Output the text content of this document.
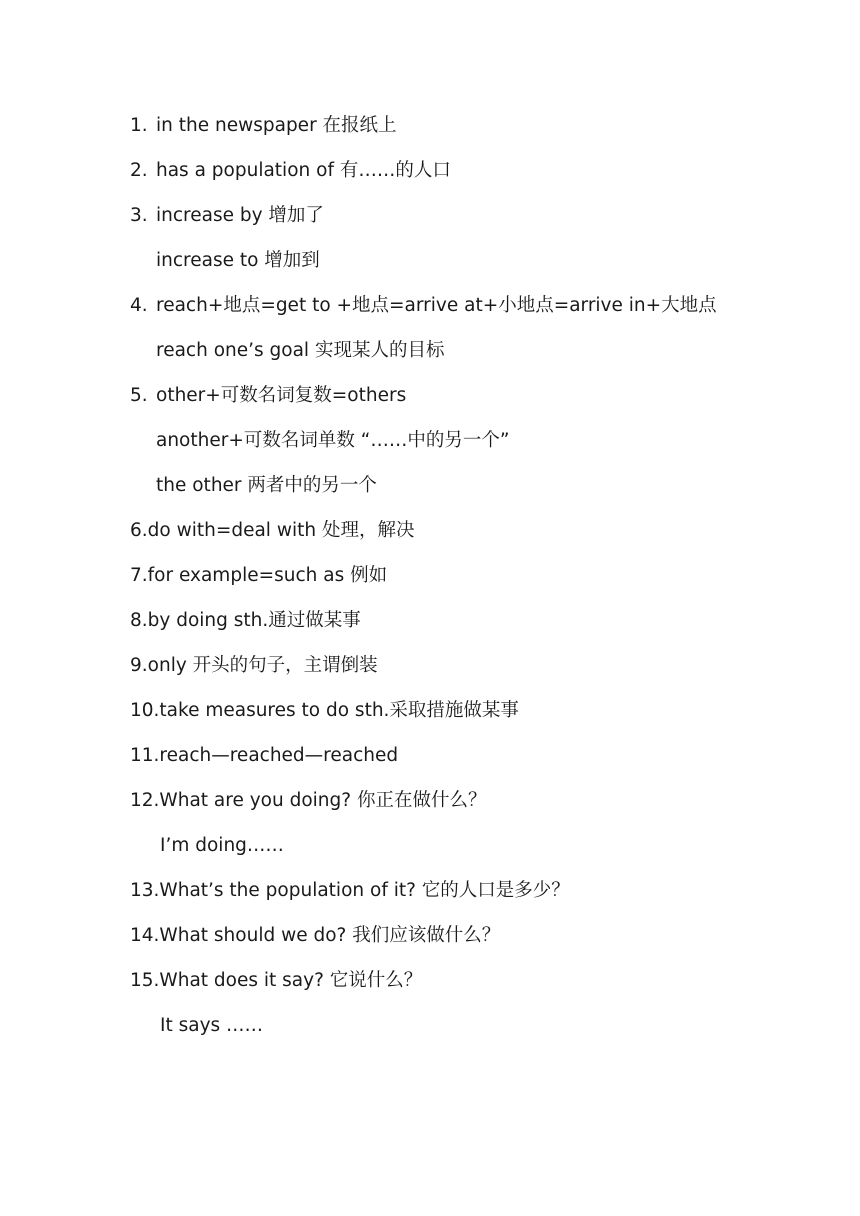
1. in the newspaper 在报纸上
2. has a population of 有……的人口
3. increase by 增加了
increase to 增加到
4. reach+地点=get to +地点=arrive at+小地点=arrive in+大地点
reach one’s goal 实现某人的目标
5. other+可数名词复数=others
another+可数名词单数 “……中的另一个”
the other 两者中的另一个
6.do with=deal with 处理，解决
7.for example=such as 例如
8.by doing sth.通过做某事
9.only 开头的句子，主谓倒装
10.take measures to do sth.采取措施做某事
11.reach—reached—reached
12.What are you doing? 你正在做什么？
I’m doing……
13.What’s the population of it? 它的人口是多少？
14.What should we do? 我们应该做什么？
15.What does it say? 它说什么？
It says ……
